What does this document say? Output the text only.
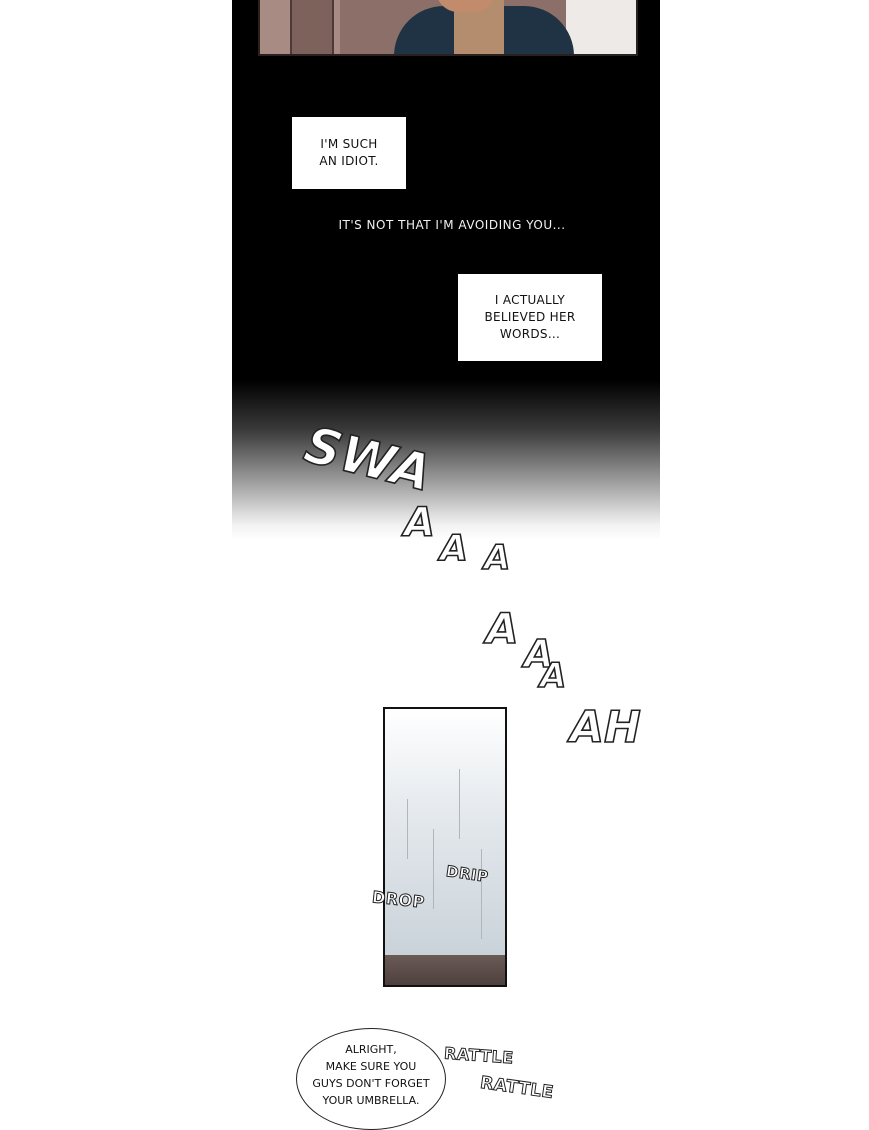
I'M SUCH
AN IDIOT.
IT'S NOT THAT I'M AVOIDING YOU...
I ACTUALLY
BELIEVED HER
WORDS...
SWA
A
A A
A
A
A
AH
DRIP
DROP
ALRIGHT,
MAKE SURE YOU
GUYS DON'T FORGET
YOUR UMBRELLA.
RATTLE
RATTLE
